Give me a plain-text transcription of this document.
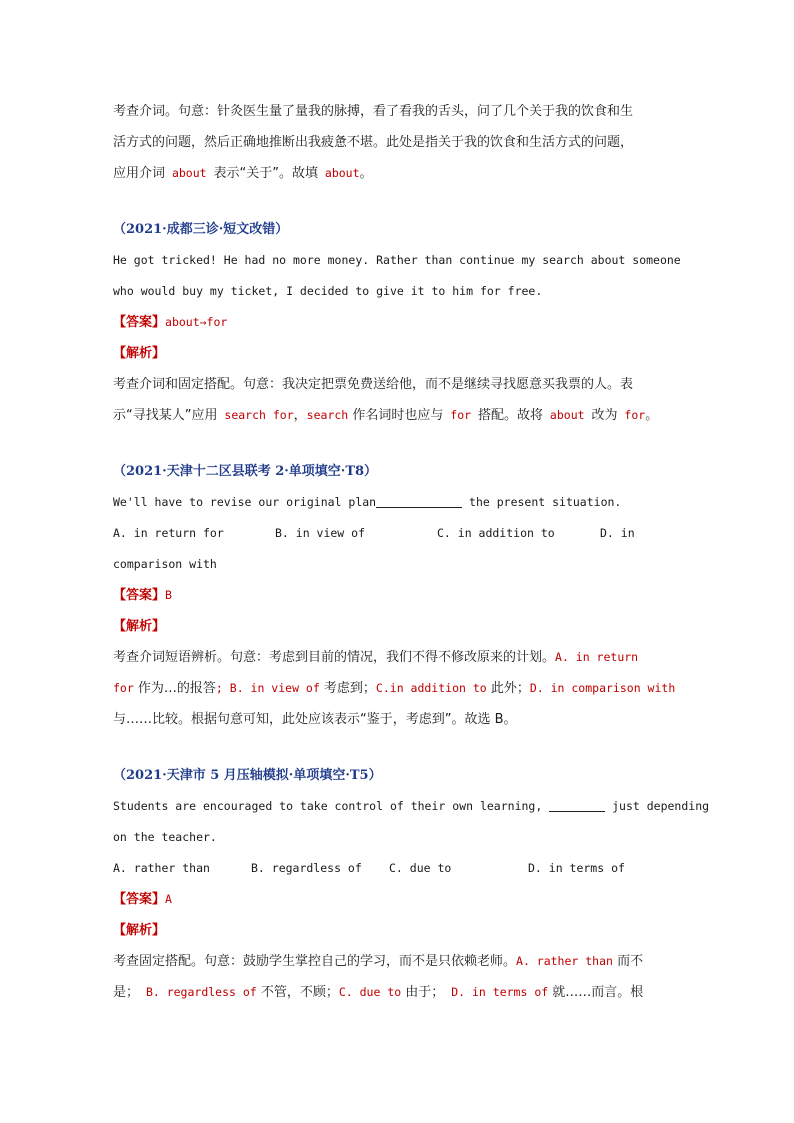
考查介词。句意：针灸医生量了量我的脉搏，看了看我的舌头，问了几个关于我的饮食和生
活方式的问题，然后正确地推断出我疲惫不堪。此处是指关于我的饮食和生活方式的问题，
应用介词 about 表示“关于”。故填 about。
（2021·成都三诊·短文改错）
He got tricked! He had no more money. Rather than continue my search about someone
who would buy my ticket, I decided to give it to him for free.
【答案】about→for
【解析】
考查介词和固定搭配。句意：我决定把票免费送给他，而不是继续寻找愿意买我票的人。表
示“寻找某人”应用 search for，search 作名词时也应与 for 搭配。故将 about 改为 for。
（2021·天津十二区县联考 2·单项填空·T8）
We'll have to revise our original plan	the present situation.
A. in return for	B. in view of	C. in addition to	D. in
comparison with
【答案】B
【解析】
考查介词短语辨析。句意：考虑到目前的情况，我们不得不修改原来的计划。A. in return
for 作为…的报答; B. in view of 考虑到；C.in addition to 此外；D. in comparison with
与……比较。根据句意可知，此处应该表示“鉴于，考虑到”。故选 B。
（2021·天津市 5 月压轴模拟·单项填空·T5）
Students are encouraged to take control of their own learning,	just depending
on the teacher.
A. rather than	B. regardless of C. due to	D. in terms of
【答案】A
【解析】
考查固定搭配。句意：鼓励学生掌控自己的学习，而不是只依赖老师。A. rather than 而不
是； B. regardless of 不管，不顾；C. due to 由于； D. in terms of 就……而言。根
